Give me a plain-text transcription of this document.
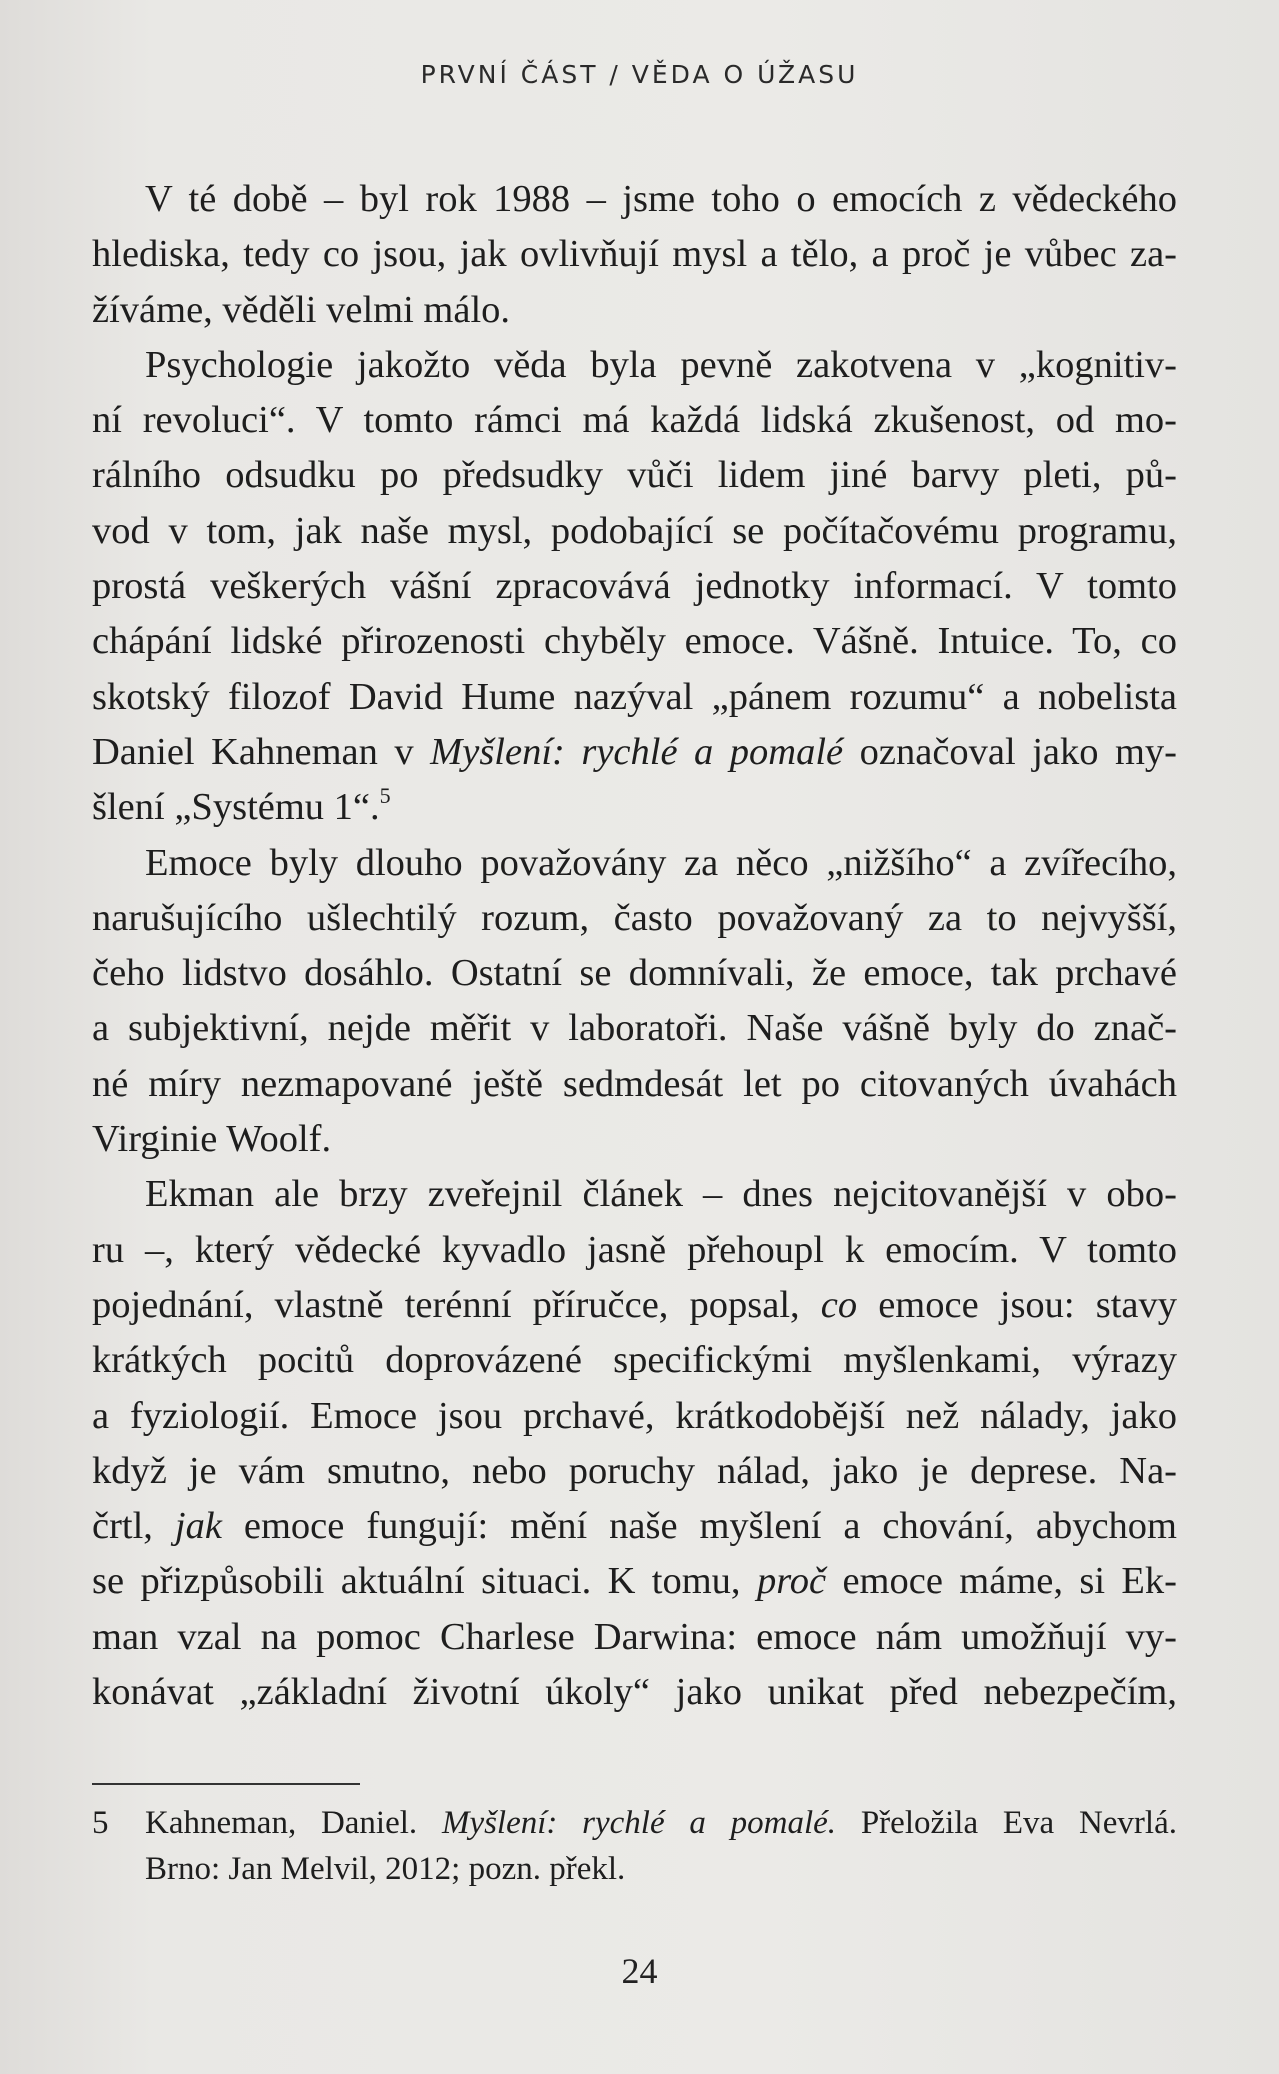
PRVNÍ ČÁST / VĚDA O ÚŽASU
V té době – byl rok 1988 – jsme toho o emocích z vědeckého
hlediska, tedy co jsou, jak ovlivňují mysl a tělo, a proč je vůbec za-
žíváme, věděli velmi málo.
Psychologie jakožto věda byla pevně zakotvena v „kognitiv-
ní revoluci“. V tomto rámci má každá lidská zkušenost, od mo-
rálního odsudku po předsudky vůči lidem jiné barvy pleti, pů-
vod v tom, jak naše mysl, podobající se počítačovému programu,
prostá veškerých vášní zpracovává jednotky informací. V tomto
chápání lidské přirozenosti chyběly emoce. Vášně. Intuice. To, co
skotský filozof David Hume nazýval „pánem rozumu“ a nobelista
Daniel Kahneman v Myšlení: rychlé a pomalé označoval jako my-
šlení „Systému 1“.$^5$
Emoce byly dlouho považovány za něco „nižšího“ a zvířecího,
narušujícího ušlechtilý rozum, často považovaný za to nejvyšší,
čeho lidstvo dosáhlo. Ostatní se domnívali, že emoce, tak prchavé
a subjektivní, nejde měřit v laboratoři. Naše vášně byly do znač-
né míry nezmapované ještě sedmdesát let po citovaných úvahách
Virginie Woolf.
Ekman ale brzy zveřejnil článek – dnes nejcitovanější v obo-
ru –, který vědecké kyvadlo jasně přehoupl k emocím. V tomto
pojednání, vlastně terénní příručce, popsal, co emoce jsou: stavy
krátkých pocitů doprovázené specifickými myšlenkami, výrazy
a fyziologií. Emoce jsou prchavé, krátkodobější než nálady, jako
když je vám smutno, nebo poruchy nálad, jako je deprese. Na-
črtl, jak emoce fungují: mění naše myšlení a chování, abychom
se přizpůsobili aktuální situaci. K tomu, proč emoce máme, si Ek-
man vzal na pomoc Charlese Darwina: emoce nám umožňují vy-
konávat „základní životní úkoly“ jako unikat před nebezpečím,
5 Kahneman, Daniel. Myšlení: rychlé a pomalé. Přeložila Eva Nevrlá.
Brno: Jan Melvil, 2012; pozn. překl.
24
